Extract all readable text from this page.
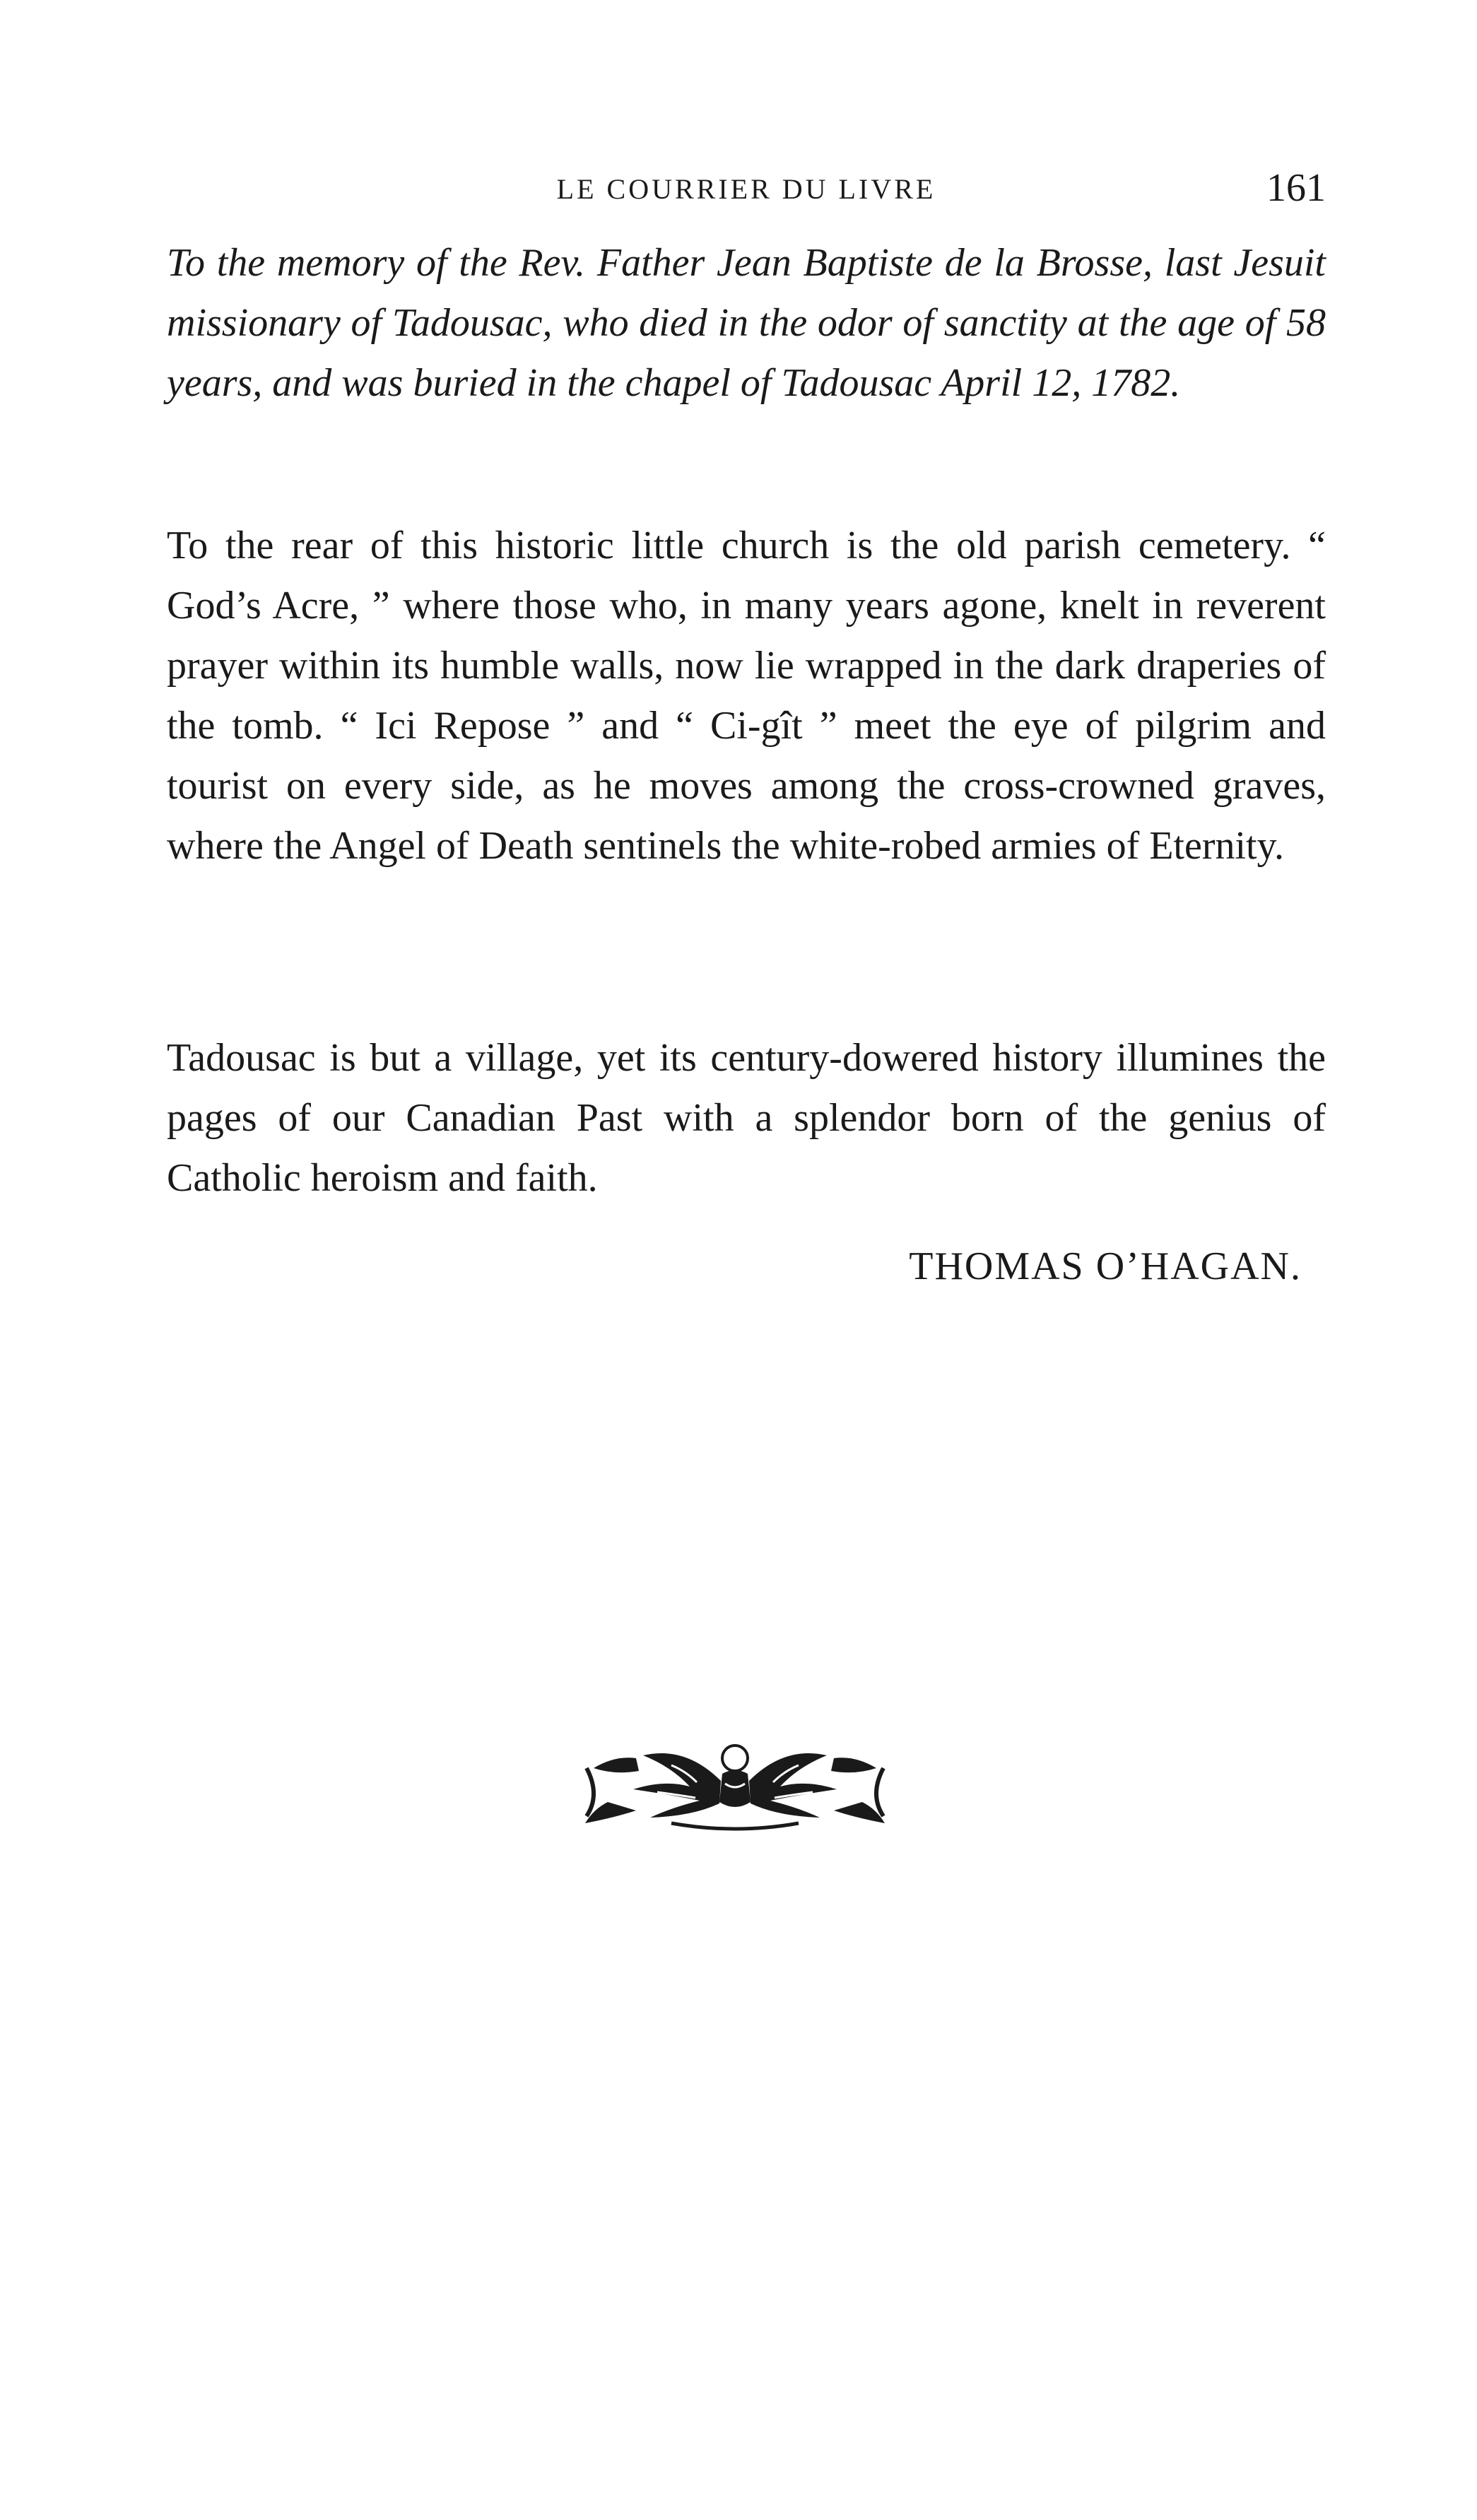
LE COURRIER DU LIVRE	161

To the memory of the Rev. Father Jean Baptiste de la Brosse, last Jesuit missionary of Tadousac, who died in the odor of sanctity at the age of 58 years, and was buried in the chapel of Tadousac April 12, 1782.

To the rear of this historic little church is the old parish cemetery. “ God’s Acre, ” where those who, in many years agone, knelt in reverent prayer within its humble walls, now lie wrapped in the dark draperies of the tomb. “ Ici Repose ” and “ Ci-gît ” meet the eye of pilgrim and tourist on every side, as he moves among the cross-crowned graves, where the Angel of Death sentinels the white-robed armies of Eternity.

Tadousac is but a village, yet its century-dowered history illumines the pages of our Canadian Past with a splendor born of the genius of Catholic heroism and faith.

THOMAS O’HAGAN.
